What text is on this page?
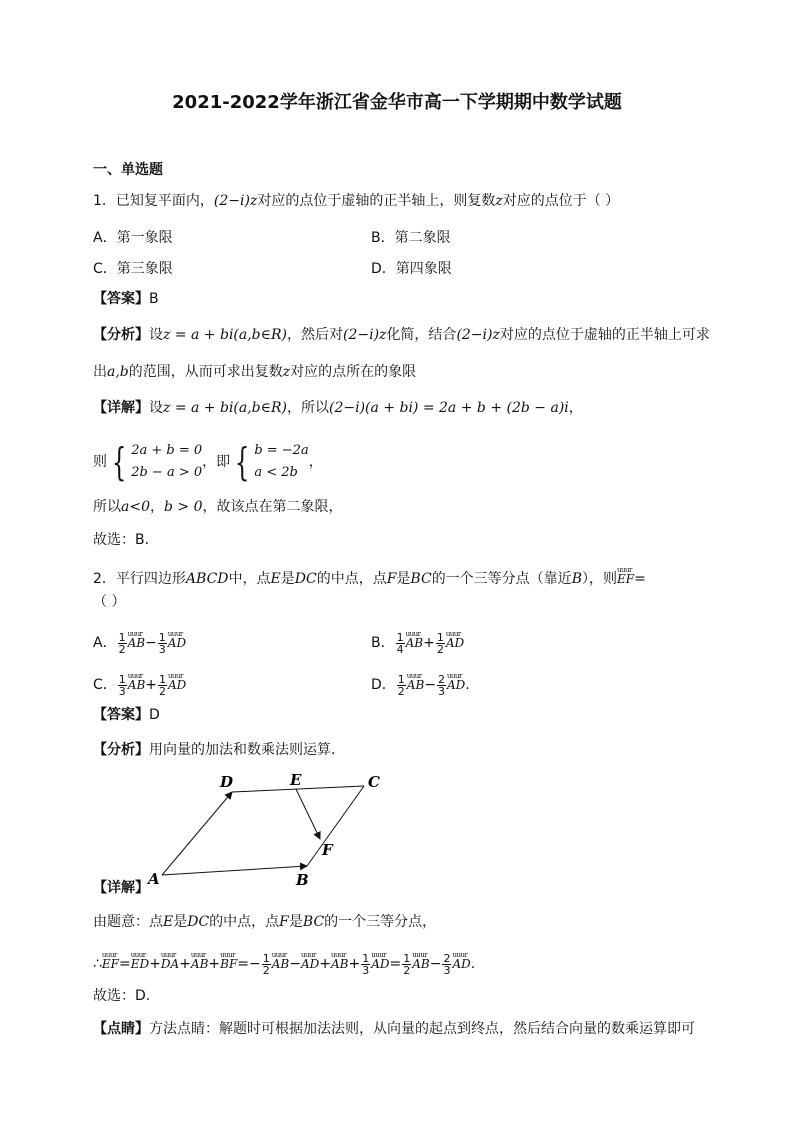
2021-2022学年浙江省金华市高一下学期期中数学试题
一、单选题
1．已知复平面内，(2−i)z对应的点位于虚轴的正半轴上，则复数z对应的点位于（ ）
A．第一象限	B．第二象限
C．第三象限	D．第四象限
【答案】B
【分析】设z = a + bi(a,b∈R)，然后对(2−i)z化简，结合(2−i)z对应的点位于虚轴的正半轴上可求
出a,b的范围，从而可求出复数z对应的点所在的象限
【详解】设z = a + bi(a,b∈R)，所以(2−i)(a + bi) = 2a + b + (2b − a)i，
则 { 2a + b = 0
2b − a > 0
，即 { b = −2a
a < 2b
，
所以a<0，b > 0，故该点在第二象限，
故选：B．
2．平行四边形ABCD中，点E是DC的中点，点F是BC的一个三等分点（靠近B），则uuur EF=
（ ）
A． $\frac{1}{2}$ uuur $AB- \frac{1}{3}$ uuur AD	B． $\frac{1}{4}$ uuur $AB+ \frac{1}{2}$ uuur AD
C． $\frac{1}{3}$ uuur $AB+ \frac{1}{2}$ uuur AD	D． $\frac{1}{2}$ uuur $AB- \frac{2}{3}$ uuur AD.
【答案】D
【分析】用向量的加法和数乘法则运算.
A	B
C
D	E
F
【详解】
由题意：点E是DC的中点，点F是BC的一个三等分点，
∴uuur EF=uuur ED+uuur DA+uuur AB+uuur $BF=- \frac{1}{2}$ uuur AB−uuur AD+uuur $AB+ \frac{1}{3}$ uuur $AD= \frac{1}{2}$ uuur $AB- \frac{2}{3}$ uuur AD.
故选：D.
【点睛】方法点睛：解题时可根据加法法则，从向量的起点到终点，然后结合向量的数乘运算即可
